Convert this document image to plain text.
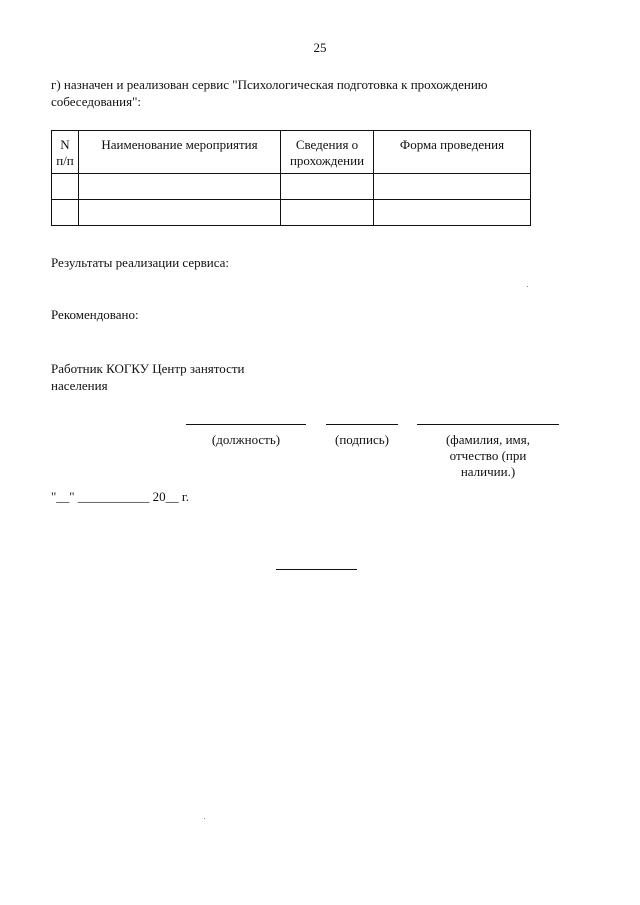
25
г) назначен и реализован сервис "Психологическая подготовка к прохождению собеседования":
N п/п	Наименование мероприятия	Сведения о прохождении	Форма проведения

Результаты реализации сервиса:
Рекомендовано:
Работник КОГКУ Центр занятости населения
(должность)	(подпись)	(фамилия, имя, отчество (при наличии.)
"__" ___________ 20__ г.
